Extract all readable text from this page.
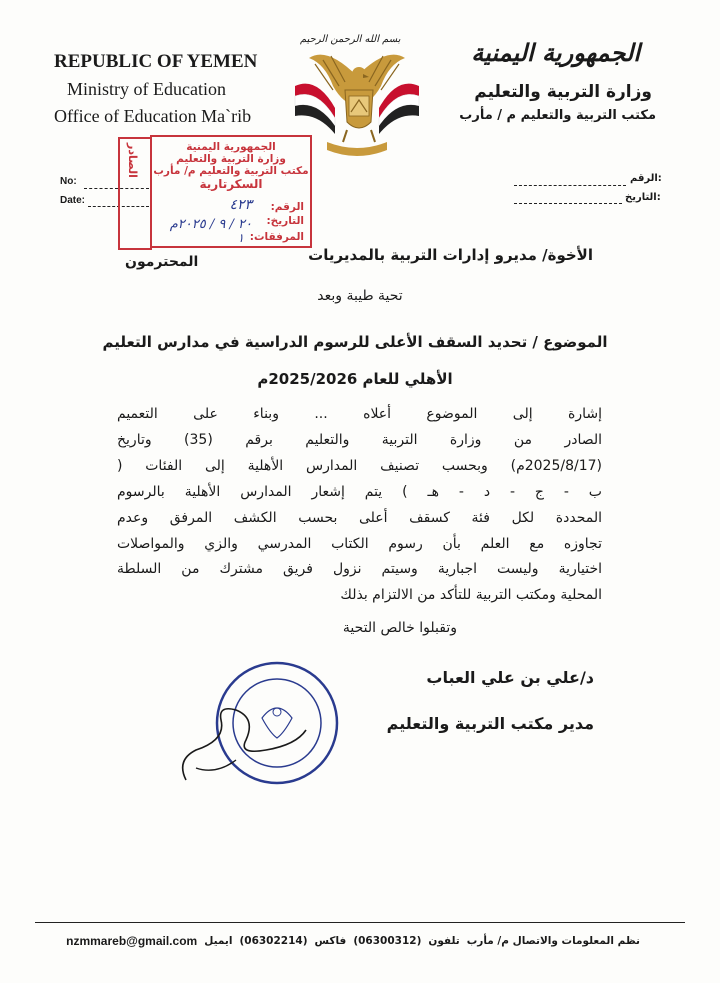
REPUBLIC OF YEMEN
Ministry of Education
Office of Education Ma`rib
الجمهورية اليمنية
وزارة التربية والتعليم
مكتب التربية والتعليم م / مأرب
بسم الله الرحمن الرحيم
No:
Date:
الرقم:
التاريخ:
الصادر	الجمهورية اليمنية
وزارة التربية والتعليم
مكتب التربية والتعليم م/ مأرب
السكرتارية
الرقم:
٤٢٣
التاريخ:
٢٠ / ٩ / ٢٠٢٥م
المرفقات:
١
الأخوة/ مديرو إدارات التربية بالمديريات
المحترمون
تحية طيبة وبعد
الموضوع / تحديد السقف الأعلى للرسوم الدراسية في مدارس التعليم
الأهلي للعام 2025/2026م
إشارة إلى الموضوع أعلاه ... وبناء على التعميم
الصادر من وزارة التربية والتعليم برقم (35) وتاريخ
(2025/8/17م) وبحسب تصنيف المدارس الأهلية إلى الفئات (
ب - ج - د - هـ ) يتم إشعار المدارس الأهلية بالرسوم
المحددة لكل فئة كسقف أعلى بحسب الكشف المرفق وعدم
تجاوزه مع العلم بأن رسوم الكتاب المدرسي والزي والمواصلات
اختيارية وليست اجبارية وسيتم نزول فريق مشترك من السلطة
المحلية ومكتب التربية للتأكد من الالتزام بذلك
وتقبلوا خالص التحية
د/علي بن علي العباب
مدير مكتب التربية والتعليم
نظم المعلومات والاتصال م/ مأرب
تلفون
(06300312)
فاكس
(06302214)
ايميل
nzmmareb@gmail.com
